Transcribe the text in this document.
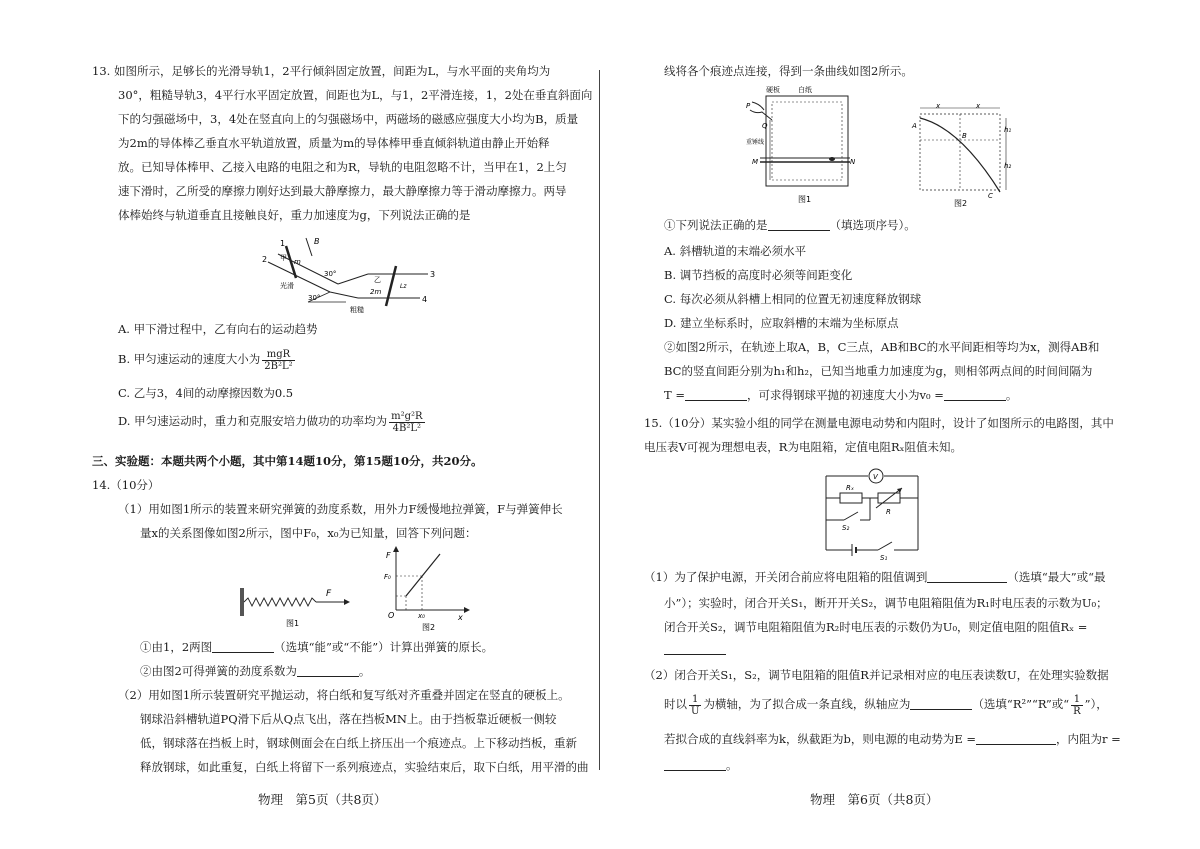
13. 如图所示，足够长的光滑导轨1，2平行倾斜固定放置，间距为L，与水平面的夹角均为
30°，粗糙导轨3，4平行水平固定放置，间距也为L，与1，2平滑连接，1，2处在垂直斜面向
下的匀强磁场中，3，4处在竖直向上的匀强磁场中，两磁场的磁感应强度大小均为B，质量
为2m的导体棒乙垂直水平轨道放置，质量为m的导体棒甲垂直倾斜轨道由静止开始释
放。已知导体棒甲、乙接入电路的电阻之和为R，导轨的电阻忽略不计，当甲在1，2上匀
速下滑时，乙所受的摩擦力刚好达到最大静摩擦力，最大静摩擦力等于滑动摩擦力。两导
体棒始终与轨道垂直且接触良好，重力加速度为g，下列说法正确的是
1
2
3
4
B
甲 m
30°
光滑
30°
乙
2m
Lz
粗糙
A. 甲下滑过程中，乙有向右的运动趋势
B. 甲匀速运动的速度大小为 $\frac{\text{mgR}}{\text{2B²L²}}$
C. 乙与3，4间的动摩擦因数为0.5
D. 甲匀速运动时，重力和克服安培力做功的功率均为 $\frac{\text{m²g²R}}{\text{4B²L²}}$
三、实验题：本题共两个小题，其中第14题10分，第15题10分，共20分。
14.（10分）
（1）用如图1所示的装置来研究弹簧的劲度系数，用外力F缓慢地拉弹簧，F与弹簧伸长
量x的关系图像如图2所示，图中F₀，x₀为已知量，回答下列问题：
F
图1
F
F₀
O	x₀	x
图2
①由1，2两图	（选填“能”或“不能”）计算出弹簧的原长。
②由图2可得弹簧的劲度系数为	。
（2）用如图1所示装置研究平抛运动，将白纸和复写纸对齐重叠并固定在竖直的硬板上。
钢球沿斜槽轨道PQ滑下后从Q点飞出，落在挡板MN上。由于挡板靠近硬板一侧较
低，钢球落在挡板上时，钢球侧面会在白纸上挤压出一个痕迹点。上下移动挡板，重新
释放钢球，如此重复，白纸上将留下一系列痕迹点，实验结束后，取下白纸，用平滑的曲
物理　第5页（共8页）
线将各个痕迹点连接，得到一条曲线如图2所示。
硬板	白纸
P
Q
重锤线
M	N
图1
x	x
A
B
C
h₁
h₂
图2
①下列说法正确的是	（填选项序号）。
A. 斜槽轨道的末端必须水平
B. 调节挡板的高度时必须等间距变化
C. 每次必须从斜槽上相同的位置无初速度释放钢球
D. 建立坐标系时，应取斜槽的末端为坐标原点
②如图2所示，在轨迹上取A，B，C三点，AB和BC的水平间距相等均为x，测得AB和
BC的竖直间距分别为h₁和h₂，已知当地重力加速度为g，则相邻两点间的时间间隔为
T =	，可求得钢球平抛的初速度大小为v₀ =	。
15.（10分）某实验小组的同学在测量电源电动势和内阻时，设计了如图所示的电路图，其中
电压表V可视为理想电表，R为电阻箱，定值电阻Rₓ阻值未知。
V
Rₓ
R
S₂
S₁
（1）为了保护电源，开关闭合前应将电阻箱的阻值调到	（选填“最大”或“最
小”）；实验时，闭合开关S₁，断开开关S₂，调节电阻箱阻值为R₁时电压表的示数为U₀；
闭合开关S₂，调节电阻箱阻值为R₂时电压表的示数仍为U₀，则定值电阻的阻值Rₓ =
（2）闭合开关S₁，S₂，调节电阻箱的阻值R并记录相对应的电压表读数U，在处理实验数据
时以 $\frac{1}{U}$ 为横轴，为了拟合成一条直线，纵轴应为	（选填“R²”“R”或“ $\frac{1}{R}$ ”），
若拟合成的直线斜率为k，纵截距为b，则电源的电动势为E =	，内阻为r =
。
物理　第6页（共8页）
